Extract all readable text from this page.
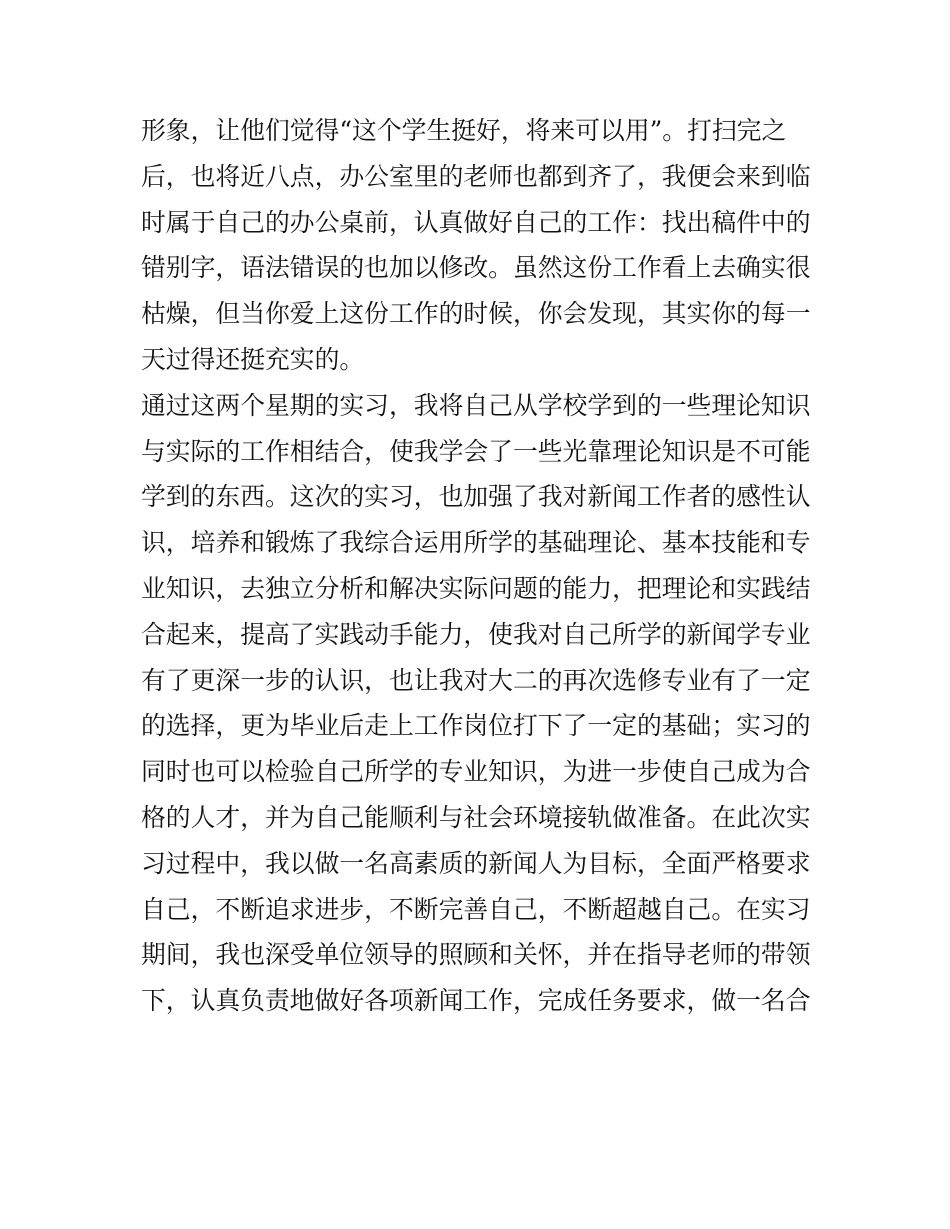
形象，让他们觉得“这个学生挺好，将来可以用”。打扫完之
后，也将近八点，办公室里的老师也都到齐了，我便会来到临
时属于自己的办公桌前，认真做好自己的工作：找出稿件中的
错别字，语法错误的也加以修改。虽然这份工作看上去确实很
枯燥，但当你爱上这份工作的时候，你会发现，其实你的每一
天过得还挺充实的。
通过这两个星期的实习，我将自己从学校学到的一些理论知识
与实际的工作相结合，使我学会了一些光靠理论知识是不可能
学到的东西。这次的实习，也加强了我对新闻工作者的感性认
识，培养和锻炼了我综合运用所学的基础理论、基本技能和专
业知识，去独立分析和解决实际问题的能力，把理论和实践结
合起来，提高了实践动手能力，使我对自己所学的新闻学专业
有了更深一步的认识，也让我对大二的再次选修专业有了一定
的选择，更为毕业后走上工作岗位打下了一定的基础；实习的
同时也可以检验自己所学的专业知识，为进一步使自己成为合
格的人才，并为自己能顺利与社会环境接轨做准备。在此次实
习过程中，我以做一名高素质的新闻人为目标，全面严格要求
自己，不断追求进步，不断完善自己，不断超越自己。在实习
期间，我也深受单位领导的照顾和关怀，并在指导老师的带领
下，认真负责地做好各项新闻工作，完成任务要求，做一名合
